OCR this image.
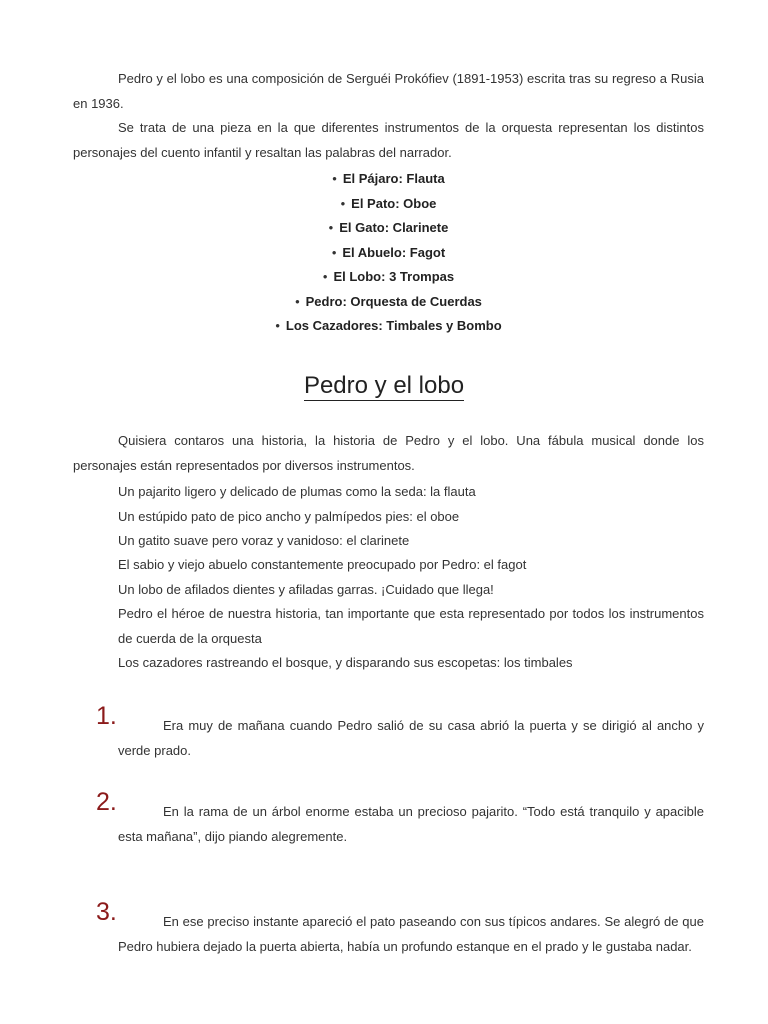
Pedro y el lobo es una composición de Serguéi Prokófiev (1891-1953) escrita tras su regreso a Rusia en 1936.

Se trata de una pieza en la que diferentes instrumentos de la orquesta representan los distintos personajes del cuento infantil y resaltan las palabras del narrador.

• El Pájaro: Flauta
• El Pato: Oboe
• El Gato: Clarinete
• El Abuelo: Fagot
• El Lobo: 3 Trompas
• Pedro: Orquesta de Cuerdas
• Los Cazadores: Timbales y Bombo
Pedro y el lobo

Quisiera contaros una historia, la historia de Pedro y el lobo. Una fábula musical donde los personajes están representados por diversos instrumentos.

Un pajarito ligero y delicado de plumas como la seda: la flauta

Un estúpido pato de pico ancho y palmípedos pies: el oboe

Un gatito suave pero voraz y vanidoso: el clarinete

El sabio y viejo abuelo constantemente preocupado por Pedro: el fagot

Un lobo de afilados dientes y afiladas garras. ¡Cuidado que llega!

Pedro el héroe de nuestra historia, tan importante que esta representado por todos los instrumentos de cuerda de la orquesta

Los cazadores rastreando el bosque, y disparando sus escopetas: los timbales

1.	Era muy de mañana cuando Pedro salió de su casa abrió la puerta y se dirigió al ancho y verde prado.

2.	En la rama de un árbol enorme estaba un precioso pajarito. “Todo está tranquilo y apacible esta mañana”, dijo piando alegremente.

3.	En ese preciso instante apareció el pato paseando con sus típicos andares. Se alegró de que Pedro hubiera dejado la puerta abierta, había un profundo estanque en el prado y le gustaba nadar.
